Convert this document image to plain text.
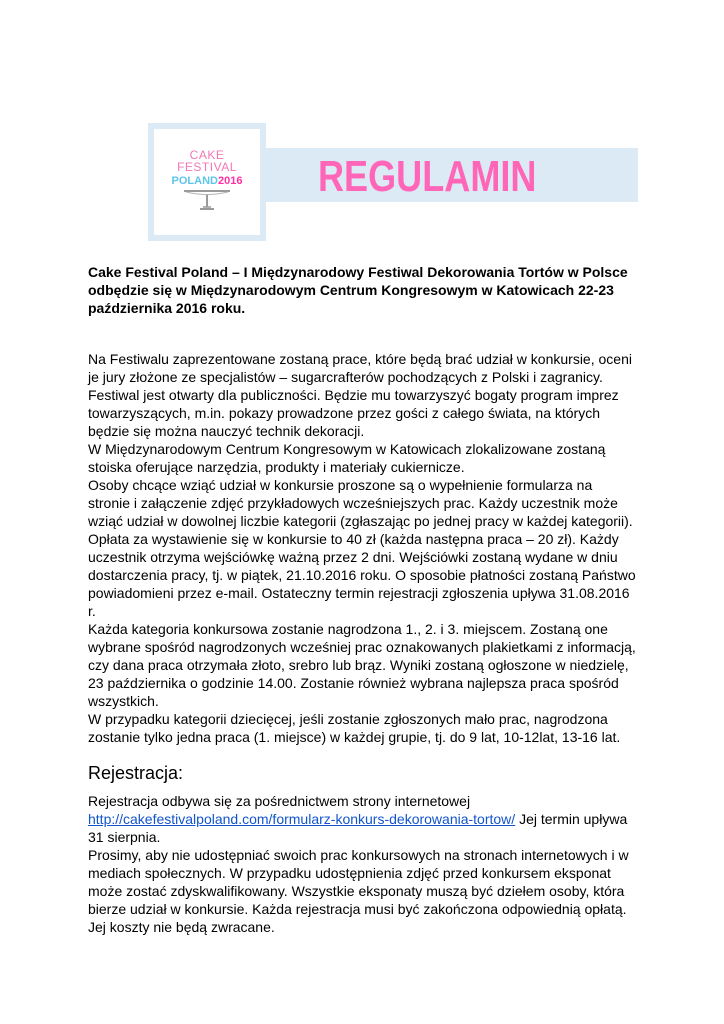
CAKE
FESTIVAL
POLAND2016	REGULAMIN

Cake Festival Poland – I Międzynarodowy Festiwal Dekorowania Tortów w Polsce odbędzie się w Międzynarodowym Centrum Kongresowym w Katowicach 22-23 października 2016 roku.

Na Festiwalu zaprezentowane zostaną prace, które będą brać udział w konkursie, oceni je jury złożone ze specjalistów – sugarcrafterów pochodzących z Polski i zagranicy. Festiwal jest otwarty dla publiczności. Będzie mu towarzyszyć bogaty program imprez towarzyszących, m.in. pokazy prowadzone przez gości z całego świata, na których będzie się można nauczyć technik dekoracji.

W Międzynarodowym Centrum Kongresowym w Katowicach zlokalizowane zostaną stoiska oferujące narzędzia, produkty i materiały cukiernicze.

Osoby chcące wziąć udział w konkursie proszone są o wypełnienie formularza na stronie i załączenie zdjęć przykładowych wcześniejszych prac. Każdy uczestnik może wziąć udział w dowolnej liczbie kategorii (zgłaszając po jednej pracy w każdej kategorii). Opłata za wystawienie się w konkursie to 40 zł (każda następna praca – 20 zł). Każdy uczestnik otrzyma wejściówkę ważną przez 2 dni. Wejściówki zostaną wydane w dniu dostarczenia pracy, tj. w piątek, 21.10.2016 roku. O sposobie płatności zostaną Państwo powiadomieni przez e-mail. Ostateczny termin rejestracji zgłoszenia upływa 31.08.2016 r.

Każda kategoria konkursowa zostanie nagrodzona 1., 2. i 3. miejscem. Zostaną one wybrane spośród nagrodzonych wcześniej prac oznakowanych plakietkami z informacją, czy dana praca otrzymała złoto, srebro lub brąz. Wyniki zostaną ogłoszone w niedzielę, 23 października o godzinie 14.00. Zostanie również wybrana najlepsza praca spośród wszystkich.

W przypadku kategorii dziecięcej, jeśli zostanie zgłoszonych mało prac, nagrodzona zostanie tylko jedna praca (1. miejsce) w każdej grupie, tj. do 9 lat, 10-12lat, 13-16 lat.

Rejestracja:

Rejestracja odbywa się za pośrednictwem strony internetowej http://cakefestivalpoland.com/formularz-konkurs-dekorowania-tortow/ Jej termin upływa 31 sierpnia.

Prosimy, aby nie udostępniać swoich prac konkursowych na stronach internetowych i w mediach społecznych. W przypadku udostępnienia zdjęć przed konkursem eksponat może zostać zdyskwalifikowany. Wszystkie eksponaty muszą być dziełem osoby, która bierze udział w konkursie. Każda rejestracja musi być zakończona odpowiednią opłatą. Jej koszty nie będą zwracane.
